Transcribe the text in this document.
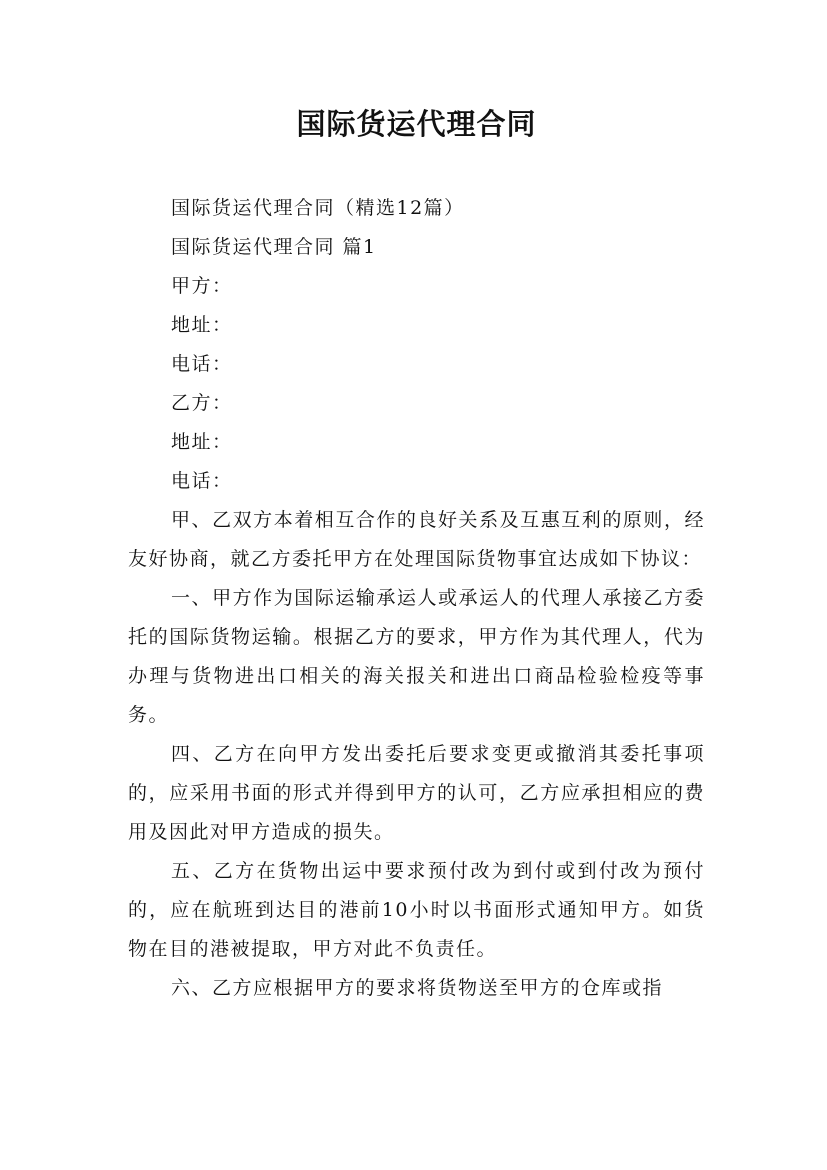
国际货运代理合同

国际货运代理合同（精选12篇）

国际货运代理合同 篇1

甲方：

地址：

电话：

乙方：

地址：

电话：

甲、乙双方本着相互合作的良好关系及互惠互利的原则，经友好协商，就乙方委托甲方在处理国际货物事宜达成如下协议：

一、甲方作为国际运输承运人或承运人的代理人承接乙方委托的国际货物运输。根据乙方的要求，甲方作为其代理人，代为办理与货物进出口相关的海关报关和进出口商品检验检疫等事务。

四、乙方在向甲方发出委托后要求变更或撤消其委托事项的，应采用书面的形式并得到甲方的认可，乙方应承担相应的费用及因此对甲方造成的损失。

五、乙方在货物出运中要求预付改为到付或到付改为预付的，应在航班到达目的港前10小时以书面形式通知甲方。如货物在目的港被提取，甲方对此不负责任。

六、乙方应根据甲方的要求将货物送至甲方的仓库或指
